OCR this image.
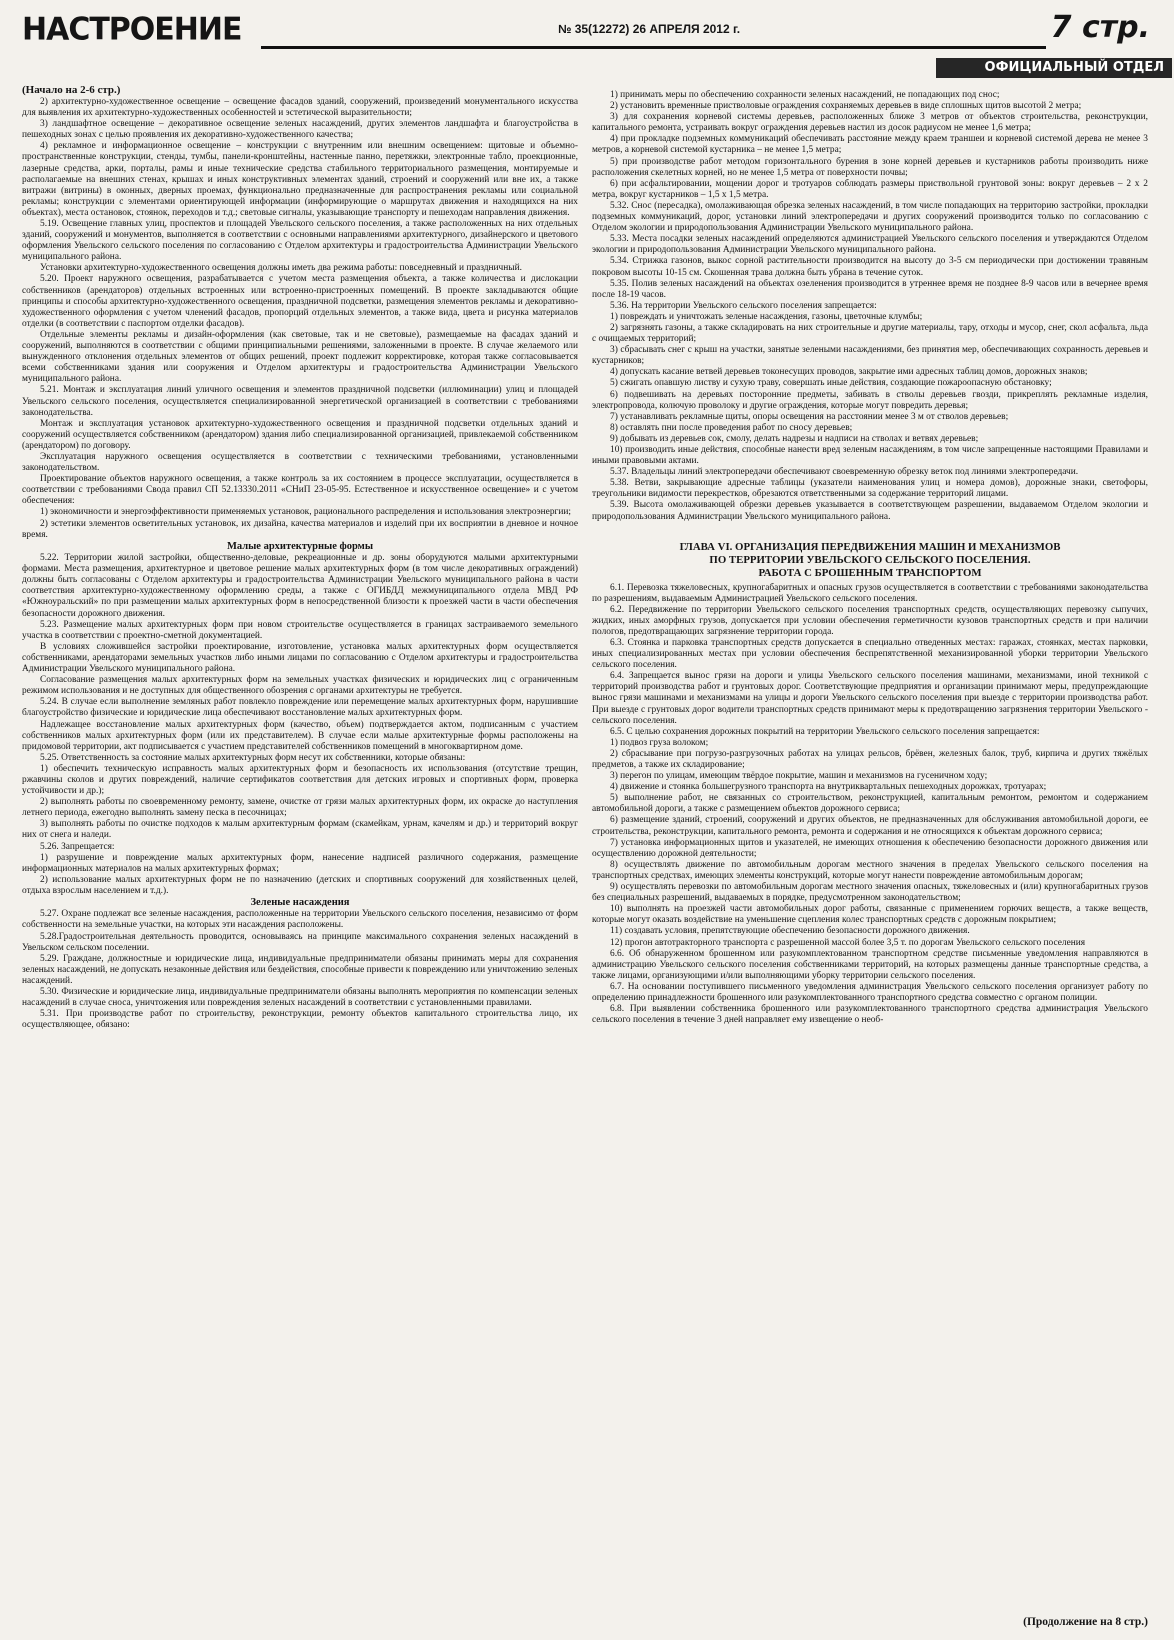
НАСТРОЕНИЕ	№ 35(12272) 26 АПРЕЛЯ 2012 г.	7 стр.
ОФИЦИАЛЬНЫЙ ОТДЕЛ

(Начало на 2-6 стр.)

2) архитектурно-художественное освещение – освещение фасадов зданий, сооружений, произведений монументального искусства для выявления их архитектурно-художественных особенностей и эстетической выразительности;

3) ландшафтное освещение – декоративное освещение зеленых насаждений, других элементов ландшафта и благоустройства в пешеходных зонах с целью проявления их декоративно-художественного качества;

4) рекламное и информационное освещение – конструкции с внутренним или внешним освещением: щитовые и объемно-пространственные конструкции, стенды, тумбы, панели-кронштейны, настенные панно, перетяжки, электронные табло, проекционные, лазерные средства, арки, порталы, рамы и иные технические средства стабильного территориального размещения, монтируемые и располагаемые на внешних стенах, крышах и иных конструктивных элементах зданий, строений и сооружений или вне их, а также витражи (витрины) в оконных, дверных проемах, функционально предназначенные для распространения рекламы или социальной рекламы; конструкции с элементами ориентирующей информации (информирующие о маршрутах движения и находящихся на них объектах), места остановок, стоянок, переходов и т.д.; световые сигналы, указывающие транспорту и пешеходам направления движения.

5.19. Освещение главных улиц, проспектов и площадей Увельского сельского поселения, а также расположенных на них отдельных зданий, сооружений и монументов, выполняется в соответствии с основными направлениями архитектурного, дизайнерского и цветового оформления Увельского сельского поселения по согласованию с Отделом архитектуры и градостроительства Администрации Увельского муниципального района.

Установки архитектурно-художественного освещения должны иметь два режима работы: повседневный и праздничный.

5.20. Проект наружного освещения, разрабатывается с учетом места размещения объекта, а также количества и дислокации собственников (арендаторов) отдельных встроенных или встроенно-пристроенных помещений. В проекте закладываются общие принципы и способы архитектурно-художественного освещения, праздничной подсветки, размещения элементов рекламы и декоративно-художественного оформления с учетом членений фасадов, пропорций отдельных элементов, а также вида, цвета и рисунка материалов отделки (в соответствии с паспортом отделки фасадов).

Отдельные элементы рекламы и дизайн-оформления (как световые, так и не световые), размещаемые на фасадах зданий и сооружений, выполняются в соответствии с общими принципиальными решениями, заложенными в проекте. В случае желаемого или вынужденного отклонения отдельных элементов от общих решений, проект подлежит корректировке, которая также согласовывается всеми собственниками здания или сооружения и Отделом архитектуры и градостроительства Администрации Увельского муниципального района.

5.21. Монтаж и эксплуатация линий уличного освещения и элементов праздничной подсветки (иллюминации) улиц и площадей Увельского сельского поселения, осуществляется специализированной энергетической организацией в соответствии с требованиями законодательства.

Монтаж и эксплуатация установок архитектурно-художественного освещения и праздничной подсветки отдельных зданий и сооружений осуществляется собственником (арендатором) здания либо специализированной организацией, привлекаемой собственником (арендатором) по договору.

Эксплуатация наружного освещения осуществляется в соответствии с техническими требованиями, установленными законодательством.

Проектирование объектов наружного освещения, а также контроль за их состоянием в процессе эксплуатации, осуществляется в соответствии с требованиями Свода правил СП 52.13330.2011 «СНиП 23-05-95. Естественное и искусственное освещение» и с учетом обеспечения:

1) экономичности и энергоэффективности применяемых установок, рационального распределения и использования электроэнергии;

2) эстетики элементов осветительных установок, их дизайна, качества материалов и изделий при их восприятии в дневное и ночное время.

Малые архитектурные формы

5.22. Территории жилой застройки, общественно-деловые, рекреационные и др. зоны оборудуются малыми архитектурными формами. Места размещения, архитектурное и цветовое решение малых архитектурных форм (в том числе декоративных ограждений) должны быть согласованы с Отделом архитектуры и градостроительства Администрации Увельского муниципального района в части соответствия архитектурно-художественному оформлению среды, а также с ОГИБДД межмуниципального отдела МВД РФ «Южноуральский» по при размещении малых архитектурных форм в непосредственной близости к проезжей части в части обеспечения безопасности дорожного движения.

5.23. Размещение малых архитектурных форм при новом строительстве осуществляется в границах застраиваемого земельного участка в соответствии с проектно-сметной документацией.

В условиях сложившейся застройки проектирование, изготовление, установка малых архитектурных форм осуществляется собственниками, арендаторами земельных участков либо иными лицами по согласованию с Отделом архитектуры и градостроительства Администрации Увельского муниципального района.

Согласование размещения малых архитектурных форм на земельных участках физических и юридических лиц с ограниченным режимом использования и не доступных для общественного обозрения с органами архитектуры не требуется.

5.24. В случае если выполнение земляных работ повлекло повреждение или перемещение малых архитектурных форм, нарушившие благоустройство физические и юридические лица обеспечивают восстановление малых архитектурных форм.

Надлежащее восстановление малых архитектурных форм (качество, объем) подтверждается актом, подписанным с участием собственников малых архитектурных форм (или их представителем). В случае если малые архитектурные формы расположены на придомовой территории, акт подписывается с участием представителей собственников помещений в многоквартирном доме.

5.25. Ответственность за состояние малых архитектурных форм несут их собственники, которые обязаны:

1) обеспечить техническую исправность малых архитектурных форм и безопасность их использования (отсутствие трещин, ржавчины сколов и других повреждений, наличие сертификатов соответствия для детских игровых и спортивных форм, проверка устойчивости и др.);

2) выполнять работы по своевременному ремонту, замене, очистке от грязи малых архитектурных форм, их окраске до наступления летнего периода, ежегодно выполнять замену песка в песочницах;

3) выполнять работы по очистке подходов к малым архитектурным формам (скамейкам, урнам, качелям и др.) и территорий вокруг них от снега и наледи.

5.26. Запрещается:

1) разрушение и повреждение малых архитектурных форм, нанесение надписей различного содержания, размещение информационных материалов на малых архитектурных формах;

2) использование малых архитектурных форм не по назначению (детских и спортивных сооружений для хозяйственных целей, отдыха взрослым населением и т.д.).

Зеленые насаждения

5.27. Охране подлежат все зеленые насаждения, расположенные на территории Увельского сельского поселения, независимо от форм собственности на земельные участки, на которых эти насаждения расположены.

5.28.Градостроительная деятельность проводится, основываясь на принципе максимального сохранения зеленых насаждений в Увельском сельском поселении.

5.29. Граждане, должностные и юридические лица, индивидуальные предприниматели обязаны принимать меры для сохранения зеленых насаждений, не допускать незаконные действия или бездействия, способные привести к повреждению или уничтожению зеленых насаждений.

5.30. Физические и юридические лица, индивидуальные предприниматели обязаны выполнять мероприятия по компенсации зеленых насаждений в случае сноса, уничтожения или повреждения зеленых насаждений в соответствии с установленными правилами.

5.31. При производстве работ по строительству, реконструкции, ремонту объектов капитального строительства лицо, их осуществляющее, обязано:

1) принимать меры по обеспечению сохранности зеленых насаждений, не попадающих под снос;

2) установить временные пристволовые ограждения сохраняемых деревьев в виде сплошных щитов высотой 2 метра;

3) для сохранения корневой системы деревьев, расположенных ближе 3 метров от объектов строительства, реконструкции, капитального ремонта, устраивать вокруг ограждения деревьев настил из досок радиусом не менее 1,6 метра;

4) при прокладке подземных коммуникаций обеспечивать расстояние между краем траншеи и корневой системой дерева не менее 3 метров, а корневой системой кустарника – не менее 1,5 метра;

5) при производстве работ методом горизонтального бурения в зоне корней деревьев и кустарников работы производить ниже расположения скелетных корней, но не менее 1,5 метра от поверхности почвы;

6) при асфальтировании, мощении дорог и тротуаров соблюдать размеры приствольной грунтовой зоны: вокруг деревьев – 2 х 2 метра, вокруг кустарников – 1,5 х 1,5 метра.

5.32. Снос (пересадка), омолаживающая обрезка зеленых насаждений, в том числе попадающих на территорию застройки, прокладки подземных коммуникаций, дорог, установки линий электропередачи и других сооружений производится только по согласованию с Отделом экологии и природопользования Администрации Увельского муниципального района.

5.33. Места посадки зеленых насаждений определяются администрацией Увельского сельского поселения и утверждаются Отделом экологии и природопользования Администрации Увельского муниципального района.

5.34. Стрижка газонов, выкос сорной растительности производится на высоту до 3-5 см периодически при достижении травяным покровом высоты 10-15 см. Скошенная трава должна быть убрана в течение суток.

5.35. Полив зеленых насаждений на объектах озеленения производится в утреннее время не позднее 8-9 часов или в вечернее время после 18-19 часов.

5.36. На территории Увельского сельского поселения запрещается:

1) повреждать и уничтожать зеленые насаждения, газоны, цветочные клумбы;

2) загрязнять газоны, а также складировать на них строительные и другие материалы, тару, отходы и мусор, снег, скол асфальта, льда с очищаемых территорий;

3) сбрасывать снег с крыш на участки, занятые зелеными насаждениями, без принятия мер, обеспечивающих сохранность деревьев и кустарников;

4) допускать касание ветвей деревьев токонесущих проводов, закрытие ими адресных таблиц домов, дорожных знаков;

5) сжигать опавшую листву и сухую траву, совершать иные действия, создающие пожароопасную обстановку;

6) подвешивать на деревьях посторонние предметы, забивать в стволы деревьев гвозди, прикреплять рекламные изделия, электропровода, колючую проволоку и другие ограждения, которые могут повредить деревья;

7) устанавливать рекламные щиты, опоры освещения на расстоянии менее 3 м от стволов деревьев;

8) оставлять пни после проведения работ по сносу деревьев;

9) добывать из деревьев сок, смолу, делать надрезы и надписи на стволах и ветвях деревьев;

10) производить иные действия, способные нанести вред зеленым насаждениям, в том числе запрещенные настоящими Правилами и иными правовыми актами.

5.37. Владельцы линий электропередачи обеспечивают своевременную обрезку веток под линиями электропередачи.

5.38. Ветви, закрывающие адресные таблицы (указатели наименования улиц и номера домов), дорожные знаки, светофоры, треугольники видимости перекрестков, обрезаются ответственными за содержание территорий лицами.

5.39. Высота омолаживающей обрезки деревьев указывается в соответствующем разрешении, выдаваемом Отделом экологии и природопользования Администрации Увельского муниципального района.

ГЛАВА VI. ОРГАНИЗАЦИЯ ПЕРЕДВИЖЕНИЯ МАШИН И МЕХАНИЗМОВ
ПО ТЕРРИТОРИИ УВЕЛЬСКОГО СЕЛЬСКОГО ПОСЕЛЕНИЯ.
РАБОТА С БРОШЕННЫМ ТРАНСПОРТОМ

6.1. Перевозка тяжеловесных, крупногабаритных и опасных грузов осуществляется в соответствии с требованиями законодательства по разрешениям, выдаваемым Администрацией Увельского сельского поселения.

6.2. Передвижение по территории Увельского сельского поселения транспортных средств, осуществляющих перевозку сыпучих, жидких, иных аморфных грузов, допускается при условии обеспечения герметичности кузовов транспортных средств и при наличии пологов, предотвращающих загрязнение территории города.

6.3. Стоянка и парковка транспортных средств допускается в специально отведенных местах: гаражах, стоянках, местах парковки, иных специализированных местах при условии обеспечения беспрепятственной механизированной уборки территории Увельского сельского поселения.

6.4. Запрещается вынос грязи на дороги и улицы Увельского сельского поселения машинами, механизмами, иной техникой с территорий производства работ и грунтовых дорог. Соответствующие предприятия и организации принимают меры, предупреждающие вынос грязи машинами и механизмами на улицы и дороги Увельского сельского поселения при выезде с территории производства работ. При выезде с грунтовых дорог водители транспортных средств принимают меры к предотвращению загрязнения территории Увельского - сельского поселения.

6.5. С целью сохранения дорожных покрытий на территории Увельского сельского поселения запрещается:

1) подвоз груза волоком;

2) сбрасывание при погрузо-разгрузочных работах на улицах рельсов, брёвен, железных балок, труб, кирпича и других тяжёлых предметов, а также их складирование;

3) перегон по улицам, имеющим твёрдое покрытие, машин и механизмов на гусеничном ходу;

4) движение и стоянка большегрузного транспорта на внутриквартальных пешеходных дорожках, тротуарах;

5) выполнение работ, не связанных со строительством, реконструкцией, капитальным ремонтом, ремонтом и содержанием автомобильной дороги, а также с размещением объектов дорожного сервиса;

6) размещение зданий, строений, сооружений и других объектов, не предназначенных для обслуживания автомобильной дороги, ее строительства, реконструкции, капитального ремонта, ремонта и содержания и не относящихся к объектам дорожного сервиса;

7) установка информационных щитов и указателей, не имеющих отношения к обеспечению безопасности дорожного движения или осуществлению дорожной деятельности;

8) осуществлять движение по автомобильным дорогам местного значения в пределах Увельского сельского поселения на транспортных средствах, имеющих элементы конструкций, которые могут нанести повреждение автомобильным дорогам;

9) осуществлять перевозки по автомобильным дорогам местного значения опасных, тяжеловесных и (или) крупногабаритных грузов без специальных разрешений, выдаваемых в порядке, предусмотренном законодательством;

10) выполнять на проезжей части автомобильных дорог работы, связанные с применением горючих веществ, а также веществ, которые могут оказать воздействие на уменьшение сцепления колес транспортных средств с дорожным покрытием;

11) создавать условия, препятствующие обеспечению безопасности дорожного движения.

12) прогон автотракторного транспорта с разрешенной массой более 3,5 т. по дорогам Увельского сельского поселения

6.6. Об обнаруженном брошенном или разукомплектованном транспортном средстве письменные уведомления направляются в администрацию Увельского сельского поселения собственниками территорий, на которых размещены данные транспортные средства, а также лицами, организующими и/или выполняющими уборку территории сельского поселения.

6.7. На основании поступившего письменного уведомления администрация Увельского сельского поселения организует работу по определению принадлежности брошенного или разукомплектованного транспортного средства совместно с органом полиции.

6.8. При выявлении собственника брошенного или разукомплектованного транспортного средства администрация Увельского сельского поселения в течение 3 дней направляет ему извещение о необ-

(Продолжение на 8 стр.)
